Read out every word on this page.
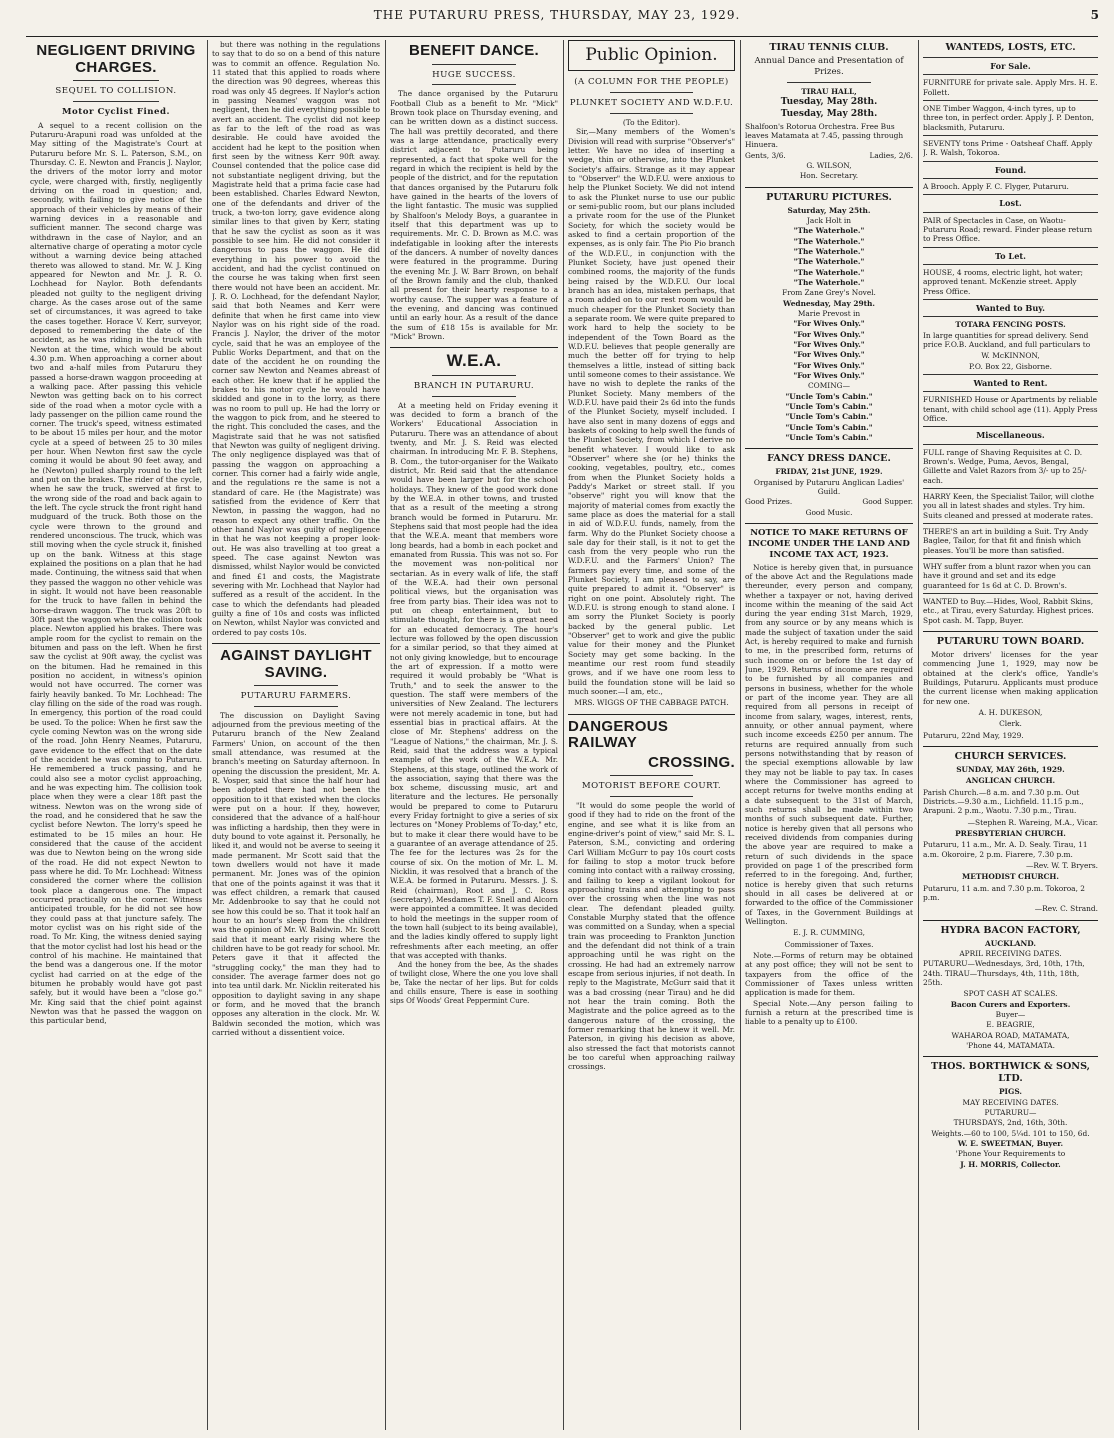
THE PUTARURU PRESS, THURSDAY, MAY 23, 1929.	5
NEGLIGENT DRIVING CHARGES.
SEQUEL TO COLLISION.
Motor Cyclist Fined.

A sequel to a recent collision on the Putaruru-Arapuni road was unfolded at the May sitting of the Magistrate's Court at Putaruru before Mr. S. L. Paterson, S.M., on Thursday. C. E. Newton and Francis J. Naylor, the drivers of the motor lorry and motor cycle, were charged with, firstly, negligently driving on the road in question; and, secondly, with failing to give notice of the approach of their vehicles by means of their warning devices in a reasonable and sufficient manner. The second charge was withdrawn in the case of Naylor, and an alternative charge of operating a motor cycle without a warning device being attached thereto was allowed to stand. Mr. W. J. King appeared for Newton and Mr. J. R. O. Lochhead for Naylor. Both defendants pleaded not guilty to the negligent driving charge. As the cases arose out of the same set of circumstances, it was agreed to take the cases together. Horace V. Kerr, surveyor, deposed to remembering the date of the accident, as he was riding in the truck with Newton at the time, which would be about 4.30 p.m. When approaching a corner about two and a-half miles from Putaruru they passed a horse-drawn waggon proceeding at a walking pace. After passing this vehicle Newton was getting back on to his correct side of the road when a motor cycle with a lady passenger on the pillion came round the corner. The truck's speed, witness estimated to be about 15 miles per hour, and the motor cycle at a speed of between 25 to 30 miles per hour. When Newton first saw the cycle coming it would be about 90 feet away, and he (Newton) pulled sharply round to the left and put on the brakes. The rider of the cycle, when he saw the truck, swerved at first to the wrong side of the road and back again to the left. The cycle struck the front right hand mudguard of the truck. Both those on the cycle were thrown to the ground and rendered unconscious. The truck, which was still moving when the cycle struck it, finished up on the bank. Witness at this stage explained the positions on a plan that he had made. Continuing, the witness said that when they passed the waggon no other vehicle was in sight. It would not have been reasonable for the truck to have fallen in behind the horse-drawn waggon. The truck was 20ft to 30ft past the waggon when the collision took place. Newton applied his brakes. There was ample room for the cyclist to remain on the bitumen and pass on the left. When he first saw the cyclist at 90ft away, the cyclist was on the bitumen. Had he remained in this position no accident, in witness's opinion would not have occurred. The corner was fairly heavily banked. To Mr. Lochhead: The clay filling on the side of the road was rough. In emergency, this portion of the road could be used. To the police: When he first saw the cycle coming Newton was on the wrong side of the road. John Henry Neames, Putaruru, gave evidence to the effect that on the date of the accident he was coming to Putaruru. He remembered a truck passing, and he could also see a motor cyclist approaching, and he was expecting him. The collision took place when they were a clear 18ft past the witness. Newton was on the wrong side of the road, and he considered that he saw the cyclist before Newton. The lorry's speed he estimated to be 15 miles an hour. He considered that the cause of the accident was due to Newton being on the wrong side of the road. He did not expect Newton to pass where he did. To Mr. Lochhead: Witness considered the corner where the collision took place a dangerous one. The impact occurred practically on the corner. Witness anticipated trouble, for he did not see how they could pass at that juncture safely. The motor cyclist was on his right side of the road. To Mr. King, the witness denied saying that the motor cyclist had lost his head or the control of his machine. He maintained that the bend was a dangerous one. If the motor cyclist had carried on at the edge of the bitumen he probably would have got past safely, but it would have been a "close go." Mr. King said that the chief point against Newton was that he passed the waggon on this particular bend,

but there was nothing in the regulations to say that to do so on a bend of this nature was to commit an offence. Regulation No. 11 stated that this applied to roads where the direction was 90 degrees, whereas this road was only 45 degrees. If Naylor's action in passing Neames' waggon was not negligent, then he did everything possible to avert an accident. The cyclist did not keep as far to the left of the road as was desirable. He could have avoided the accident had he kept to the position when first seen by the witness Kerr 90ft away. Counsel contended that the police case did not substantiate negligent driving, but the Magistrate held that a prima facie case had been established. Charles Edward Newton, one of the defendants and driver of the truck, a two-ton lorry, gave evidence along similar lines to that given by Kerr, stating that he saw the cyclist as soon as it was possible to see him. He did not consider it dangerous to pass the waggon. He did everything in his power to avoid the accident, and had the cyclist continued on the course he was taking when first seen there would not have been an accident. Mr. J. R. O. Lochhead, for the defendant Naylor, said that both Neames and Kerr were definite that when he first came into view Naylor was on his right side of the road. Francis J. Naylor, the driver of the motor cycle, said that he was an employee of the Public Works Department, and that on the date of the accident he on rounding the corner saw Newton and Neames abreast of each other. He knew that if he applied the brakes to his motor cycle he would have skidded and gone in to the lorry, as there was no room to pull up. He had the lorry or the waggon to pick from, and he steered to the right. This concluded the cases, and the Magistrate said that he was not satisfied that Newton was guilty of negligent driving. The only negligence displayed was that of passing the waggon on approaching a corner. This corner had a fairly wide angle, and the regulations re the same is not a standard of care. He (the Magistrate) was satisfied from the evidence of Kerr that Newton, in passing the waggon, had no reason to expect any other traffic. On the other hand Naylor was guilty of negligence in that he was not keeping a proper look-out. He was also travelling at too great a speed. The case against Newton was dismissed, whilst Naylor would be convicted and fined £1 and costs, the Magistrate severing with Mr. Lochhead that Naylor had suffered as a result of the accident. In the case to which the defendants had pleaded guilty a fine of 10s and costs was inflicted on Newton, whilst Naylor was convicted and ordered to pay costs 10s.

AGAINST DAYLIGHT SAVING.
PUTARURU FARMERS.

The discussion on Daylight Saving adjourned from the previous meeting of the Putaruru branch of the New Zealand Farmers' Union, on account of the then small attendance, was resumed at the branch's meeting on Saturday afternoon. In opening the discussion the president, Mr. A. R. Vosper, said that since the half hour had been adopted there had not been the opposition to it that existed when the clocks were put on a hour. If they, however, considered that the advance of a half-hour was inflicting a hardship, then they were in duty bound to vote against it. Personally, he liked it, and would not be averse to seeing it made permanent. Mr Scott said that the town dwellers would not have it made permanent. Mr. Jones was of the opinion that one of the points against it was that it was effect children, a remark that caused Mr. Addenbrooke to say that he could not see how this could be so. That it took half an hour to an hour's sleep from the children was the opinion of Mr. W. Baldwin. Mr. Scott said that it meant early rising where the children have to be got ready for school. Mr. Peters gave it that it affected the "struggling cocky," the man they had to consider. The average farmer does not go into tea until dark. Mr. Nicklin reiterated his opposition to daylight saving in any shape or form, and he moved that the branch opposes any alteration in the clock. Mr. W. Baldwin seconded the motion, which was carried without a dissentient voice.

BENEFIT DANCE.
HUGE SUCCESS.

The dance organised by the Putaruru Football Club as a benefit to Mr. "Mick" Brown took place on Thursday evening, and can be written down as a distinct success. The hall was prettily decorated, and there was a large attendance, practically every district adjacent to Putaruru being represented, a fact that spoke well for the regard in which the recipient is held by the people of the district, and for the reputation that dances organised by the Putaruru folk have gained in the hearts of the lovers of the light fantastic. The music was supplied by Shalfoon's Melody Boys, a guarantee in itself that this department was up to requirements. Mr. C. D. Brown as M.C. was indefatigable in looking after the interests of the dancers. A number of novelty dances were featured in the programme. During the evening Mr. J. W. Barr Brown, on behalf of the Brown family and the club, thanked all present for their hearty response to a worthy cause. The supper was a feature of the evening, and dancing was continued until an early hour. As a result of the dance the sum of £18 15s is available for Mr. "Mick" Brown.

W.E.A.
BRANCH IN PUTARURU.

At a meeting held on Friday evening it was decided to form a branch of the Workers' Educational Association in Putaruru. There was an attendance of about twenty, and Mr. J. S. Reid was elected chairman. In introducing Mr. F. B. Stephens, B. Com., the tutor-organiser for the Waikato district, Mr. Reid said that the attendance would have been larger but for the school holidays. They knew of the good work done by the W.E.A. in other towns, and trusted that as a result of the meeting a strong branch would be formed in Putaruru. Mr. Stephens said that most people had the idea that the W.E.A. meant that members wore long beards, had a bomb in each pocket and emanated from Russia. This was not so. For the movement was non-political nor sectarian. As in every walk of life, the staff of the W.E.A. had their own personal political views, but the organisation was free from party bias. Their idea was not to put on cheap entertainment, but to stimulate thought, for there is a great need for an educated democracy. The hour's lecture was followed by the open discussion for a similar period, so that they aimed at not only giving knowledge, but to encourage the art of expression. If a motto were required it would probably be "What is Truth," and to seek the answer to the question. The staff were members of the universities of New Zealand. The lecturers were not merely academic in tone, but had essential bias in practical affairs. At the close of Mr. Stephens' address on the "League of Nations," the chairman, Mr. J. S. Reid, said that the address was a typical example of the work of the W.E.A. Mr. Stephens, at this stage, outlined the work of the association, saying that there was the box scheme, discussing music, art and literature and the lectures. He personally would be prepared to come to Putaruru every Friday fortnight to give a series of six lectures on "Money Problems of To-day," etc, but to make it clear there would have to be a guarantee of an average attendance of 25. The fee for the lectures was 2s for the course of six. On the motion of Mr. L. M. Nicklin, it was resolved that a branch of the W.E.A. be formed in Putaruru. Messrs. J. S. Reid (chairman), Root and J. C. Ross (secretary), Mesdames T. F. Snell and Alcorn were appointed a committee. It was decided to hold the meetings in the supper room of the town hall (subject to its being available), and the ladies kindly offered to supply light refreshments after each meeting, an offer that was accepted with thanks.

And the honey from the bee, As the shades of twilight close, Where the one you love shall be, Take the nectar of her lips. But for colds and chills ensure, There is ease in soothing sips Of Woods' Great Peppermint Cure.

Public Opinion.
(A COLUMN FOR THE PEOPLE)
PLUNKET SOCIETY AND W.D.F.U.
(To the Editor).

Sir,—Many members of the Women's Division will read with surprise "Observer's" letter. We have no idea of inserting a wedge, thin or otherwise, into the Plunket Society's affairs. Strange as it may appear to "Observer" the W.D.F.U. were anxious to help the Plunket Society. We did not intend to ask the Plunket nurse to use our public or semi-public room, but our plans included a private room for the use of the Plunket Society, for which the society would be asked to find a certain proportion of the expenses, as is only fair. The Pio Pio branch of the W.D.F.U., in conjunction with the Plunket Society, have just opened their combined rooms, the majority of the funds being raised by the W.D.F.U. Our local branch has an idea, mistaken perhaps, that a room added on to our rest room would be much cheaper for the Plunket Society than a separate room. We were quite prepared to work hard to help the society to be independent of the Town Board as the W.D.F.U. believes that people generally are much the better off for trying to help themselves a little, instead of sitting back until someone comes to their assistance. We have no wish to deplete the ranks of the Plunket Society. Many members of the W.D.F.U. have paid their 2s 6d into the funds of the Plunket Society, myself included. I have also sent in many dozens of eggs and baskets of cooking to help swell the funds of the Plunket Society, from which I derive no benefit whatever. I would like to ask "Observer" where she (or he) thinks the cooking, vegetables, poultry, etc., comes from when the Plunket Society holds a Paddy's Market or street stall. If you "observe" right you will know that the majority of material comes from exactly the same place as does the material for a stall in aid of W.D.F.U. funds, namely, from the farm. Why do the Plunket Society choose a sale day for their stall, is it not to get the cash from the very people who run the W.D.F.U. and the Farmers' Union? The farmers pay every time, and some of the Plunket Society, I am pleased to say, are quite prepared to admit it. "Observer" is right on one point. Absolutely right. The W.D.F.U. is strong enough to stand alone. I am sorry the Plunket Society is poorly backed by the general public. Let "Observer" get to work and give the public value for their money and the Plunket Society may get some backing. In the meantime our rest room fund steadily grows, and if we have one room less to build the foundation stone will be laid so much sooner.—I am, etc.,

MRS. WIGGS OF THE CABBAGE PATCH.
DANGEROUS RAILWAY
CROSSING.
MOTORIST BEFORE COURT.

"It would do some people the world of good if they had to ride on the front of the engine, and see what it is like from an engine-driver's point of view," said Mr. S. L. Paterson, S.M., convicting and ordering Carl William McGurr to pay 10s court costs for failing to stop a motor truck before coming into contact with a railway crossing, and failing to keep a vigilant lookout for approaching trains and attempting to pass over the crossing when the line was not clear. The defendant pleaded guilty. Constable Murphy stated that the offence was committed on a Sunday, when a special train was proceeding to Frankton Junction and the defendant did not think of a train approaching until he was right on the crossing. He had had an extremely narrow escape from serious injuries, if not death. In reply to the Magistrate, McGurr said that it was a bad crossing (near Tirau) and he did not hear the train coming. Both the Magistrate and the police agreed as to the dangerous nature of the crossing, the former remarking that he knew it well. Mr. Paterson, in giving his decision as above, also stressed the fact that motorists cannot be too careful when approaching railway crossings.

TIRAU TENNIS CLUB.
Annual Dance and Presentation of Prizes.
TIRAU HALL,
Tuesday, May 28th.
Tuesday, May 28th.

Shalfoon's Rotorua Orchestra. Free Bus leaves Matamata at 7.45, passing through Hinuera.

Gents, 3/6.	Ladies, 2/6.
G. WILSON,
Hon. Secretary.
PUTARURU PICTURES.
Saturday, May 25th.
Jack Holt in
"The Waterhole."
"The Waterhole."
"The Waterhole."
"The Waterhole."
"The Waterhole."
"The Waterhole."
From Zane Grey's Novel.
Wednesday, May 29th.
Marie Prevost in
"For Wives Only."
"For Wives Only."
"For Wives Only."
"For Wives Only."
"For Wives Only."
"For Wives Only."
COMING—
"Uncle Tom's Cabin."
"Uncle Tom's Cabin."
"Uncle Tom's Cabin."
"Uncle Tom's Cabin."
"Uncle Tom's Cabin."
FANCY DRESS DANCE.
FRIDAY, 21st JUNE, 1929.
Organised by Putaruru Anglican Ladies' Guild.
Good Prizes.	Good Supper.
Good Music.
NOTICE TO MAKE RETURNS OF INCOME UNDER THE LAND AND INCOME TAX ACT, 1923.

Notice is hereby given that, in pursuance of the above Act and the Regulations made thereunder, every person and company, whether a taxpayer or not, having derived income within the meaning of the said Act during the year ending 31st March, 1929, from any source or by any means which is made the subject of taxation under the said Act, is hereby required to make and furnish to me, in the prescribed form, returns of such income on or before the 1st day of June, 1929. Returns of income are required to be furnished by all companies and persons in business, whether for the whole or part of the income year. They are all required from all persons in receipt of income from salary, wages, interest, rents, annuity, or other annual payment, where such income exceeds £250 per annum. The returns are required annually from such persons notwithstanding that by reason of the special exemptions allowable by law they may not be liable to pay tax. In cases where the Commissioner has agreed to accept returns for twelve months ending at a date subsequent to the 31st of March, such returns shall be made within two months of such subsequent date. Further, notice is hereby given that all persons who received dividends from companies during the above year are required to make a return of such dividends in the space provided on page 1 of the prescribed form referred to in the foregoing. And, further, notice is hereby given that such returns should in all cases be delivered at or forwarded to the office of the Commissioner of Taxes, in the Government Buildings at Wellington.

E. J. R. CUMMING,
Commissioner of Taxes.

Note.—Forms of return may be obtained at any post office; they will not be sent to taxpayers from the office of the Commissioner of Taxes unless written application is made for them.

Special Note.—Any person failing to furnish a return at the prescribed time is liable to a penalty up to £100.

WANTEDS, LOSTS, ETC.
For Sale.

FURNITURE for private sale. Apply Mrs. H. E. Follett.

ONE Timber Waggon, 4-inch tyres, up to three ton, in perfect order. Apply J. P. Denton, blacksmith, Putaruru.

SEVENTY tons Prime - Oatsheaf Chaff. Apply J. R. Walsh, Tokoroa.

Found.

A Brooch. Apply F. C. Flyger, Putaruru.

Lost.

PAIR of Spectacles in Case, on Waotu-Putaruru Road; reward. Finder please return to Press Office.

To Let.

HOUSE, 4 rooms, electric light, hot water; approved tenant. McKenzie street. Apply Press Office.

Wanted to Buy.
TOTARA FENCING POSTS.

In large quantities for spread delivery. Send price F.O.B. Auckland, and full particulars to

W. McKINNON,
P.O. Box 22, Gisborne.
Wanted to Rent.

FURNISHED House or Apartments by reliable tenant, with child school age (11). Apply Press Office.

Miscellaneous.

FULL range of Shaving Requisites at C. D. Brown's. Wedge, Puma, Aevos, Bengal, Gillette and Valet Razors from 3/- up to 25/- each.

HARRY Keen, the Specialist Tailor, will clothe you all in latest shades and styles. Try him. Suits cleaned and pressed at moderate rates.

THERE'S an art in building a Suit. Try Andy Baglee, Tailor, for that fit and finish which pleases. You'll be more than satisfied.

WHY suffer from a blunt razor when you can have it ground and set and its edge guaranteed for 1s 6d at C. D. Brown's.

WANTED to Buy.—Hides, Wool, Rabbit Skins, etc., at Tirau, every Saturday. Highest prices. Spot cash. M. Tapp, Buyer.

PUTARURU TOWN BOARD.

Motor drivers' licenses for the year commencing June 1, 1929, may now be obtained at the clerk's office, Yandle's Buildings, Putaruru. Applicants must produce the current license when making application for new one.

A. H. DUKESON,
Clerk.
Putaruru, 22nd May, 1929.
CHURCH SERVICES.
SUNDAY, MAY 26th, 1929.
ANGLICAN CHURCH.

Parish Church.—8 a.m. and 7.30 p.m. Out Districts.—9.30 a.m., Lichfield. 11.15 p.m., Arapuni. 2 p.m., Waotu. 7.30 p.m., Tirau.

—Stephen R. Wareing, M.A., Vicar.
PRESBYTERIAN CHURCH.

Putaruru, 11 a.m., Mr. A. D. Sealy. Tirau, 11 a.m. Okoroire, 2 p.m. Fiarere, 7.30 p.m.

—Rev. W. T. Bryers.
METHODIST CHURCH.

Putaruru, 11 a.m. and 7.30 p.m. Tokoroa, 2 p.m.

—Rev. C. Strand.
HYDRA BACON FACTORY,
AUCKLAND.
APRIL RECEIVING DATES.

PUTARURU—Wednesdays, 3rd, 10th, 17th, 24th. TIRAU—Thursdays, 4th, 11th, 18th, 25th.

SPOT CASH AT SCALES.
Bacon Curers and Exporters.
Buyer—
E. BEAGRIE,
WAHAROA ROAD, MATAMATA,
'Phone 44, MATAMATA.
THOS. BORTHWICK & SONS, LTD.
PIGS.
MAY RECEIVING DATES.
PUTARURU—
THURSDAYS, 2nd, 16th, 30th.
Weights.—60 to 100, 5¼d. 101 to 150, 6d.
W. E. SWEETMAN, Buyer.
'Phone Your Requirements to
J. H. MORRIS, Collector.
